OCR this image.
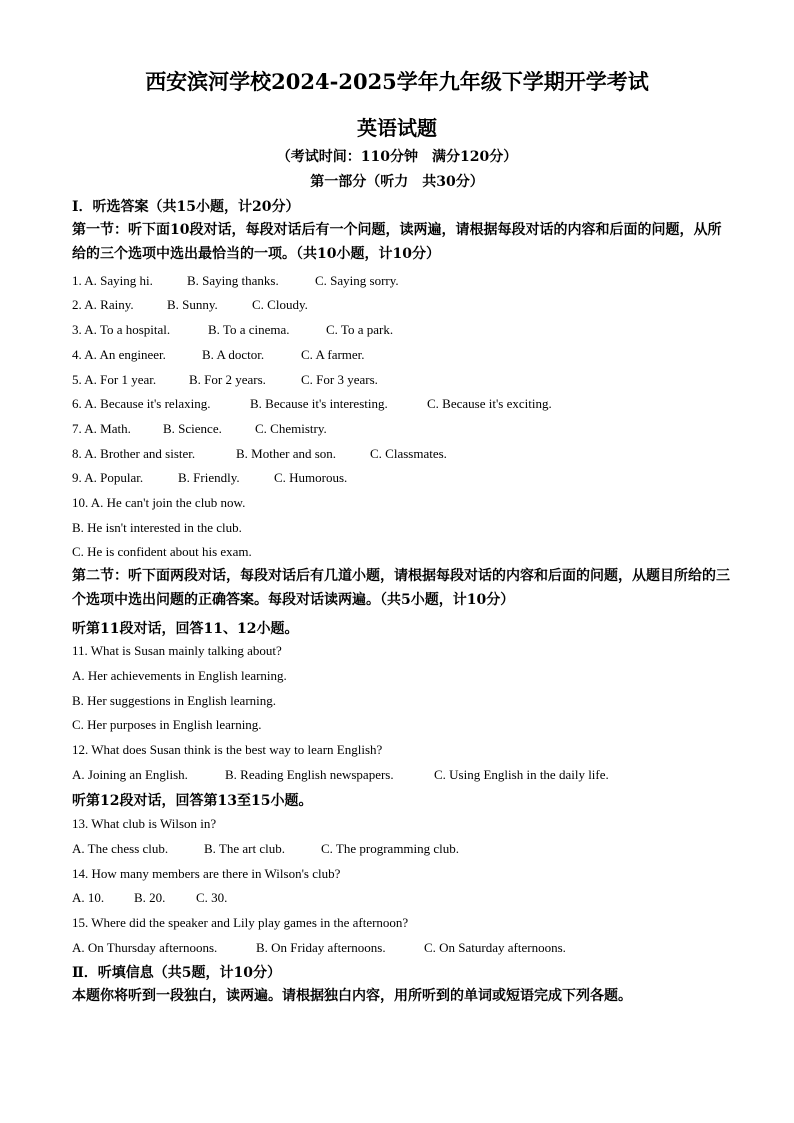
西安滨河学校2024-2025学年九年级下学期开学考试
英语试题
（考试时间：110分钟　满分120分）
第一部分（听力　共30分）
Ⅰ．听选答案（共15小题，计20分）
第一节：听下面10段对话，每段对话后有一个问题，读两遍，请根据每段对话的内容和后面的问题，从所给的三个选项中选出最恰当的一项。（共10小题，计10分）
1. A. Saying hi.	B. Saying thanks.	C. Saying sorry.
2. A. Rainy.	B. Sunny.	C. Cloudy.
3. A. To a hospital.	B. To a cinema.	C. To a park.
4. A. An engineer.	B. A doctor.	C. A farmer.
5. A. For 1 year.	B. For 2 years.	C. For 3 years.
6. A. Because it's relaxing.	B. Because it's interesting.	C. Because it's exciting.
7. A. Math. B. Science.	C. Chemistry.
8. A. Brother and sister.	B. Mother and son.	C. Classmates.
9. A. Popular.	B. Friendly.	C. Humorous.
10. A. He can't join the club now.
B. He isn't interested in the club.
C. He is confident about his exam.
第二节：听下面两段对话，每段对话后有几道小题，请根据每段对话的内容和后面的问题，从题目所给的三个选项中选出问题的正确答案。每段对话读两遍。（共5小题，计10分）
听第11段对话，回答11、12小题。
11. What is Susan mainly talking about?
A. Her achievements in English learning.
B. Her suggestions in English learning.
C. Her purposes in English learning.
12. What does Susan think is the best way to learn English?
A. Joining an English.	B. Reading English newspapers.	C. Using English in the daily life.
听第12段对话，回答第13至15小题。
13. What club is Wilson in?
A. The chess club.	B. The art club.	C. The programming club.
14. How many members are there in Wilson's club?
A. 10. B. 20. C. 30.
15. Where did the speaker and Lily play games in the afternoon?
A. On Thursday afternoons.	B. On Friday afternoons.	C. On Saturday afternoons.
Ⅱ．听填信息（共5题，计10分）
本题你将听到一段独白，读两遍。请根据独白内容，用所听到的单词或短语完成下列各题。
